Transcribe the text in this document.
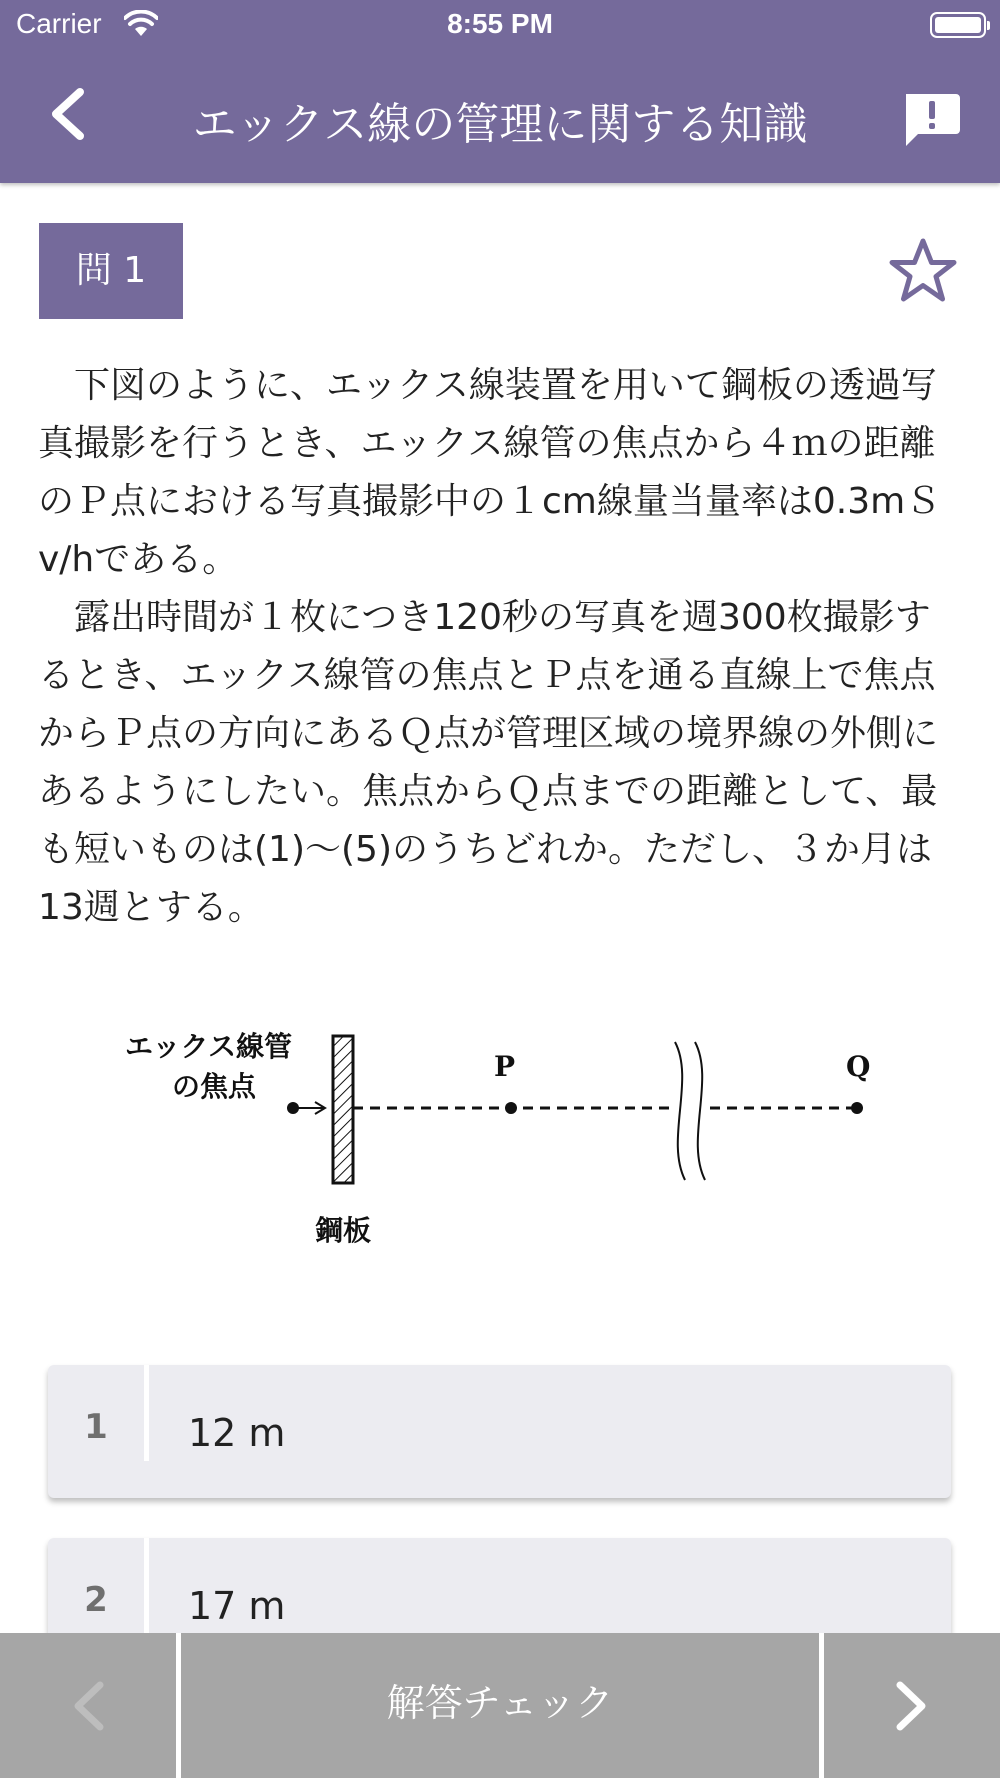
Carrier	8:55 PM
エックス線の管理に関する知識
問 1

下図のように、エックス線装置を用いて鋼板の透過写真撮影を行うとき、エックス線管の焦点から４ｍの距離のＰ点における写真撮影中の１cm線量当量率は0.3mＳv/hである。

露出時間が１枚につき120秒の写真を週300枚撮影するとき、エックス線管の焦点とＰ点を通る直線上で焦点からＰ点の方向にあるＱ点が管理区域の境界線の外側にあるようにしたい。焦点からＱ点までの距離として、最も短いものは(1)～(5)のうちどれか。ただし、３か月は13週とする。

エックス線管
の焦点
P	Q
鋼板
1	12 m
2	17 m
解答チェック
